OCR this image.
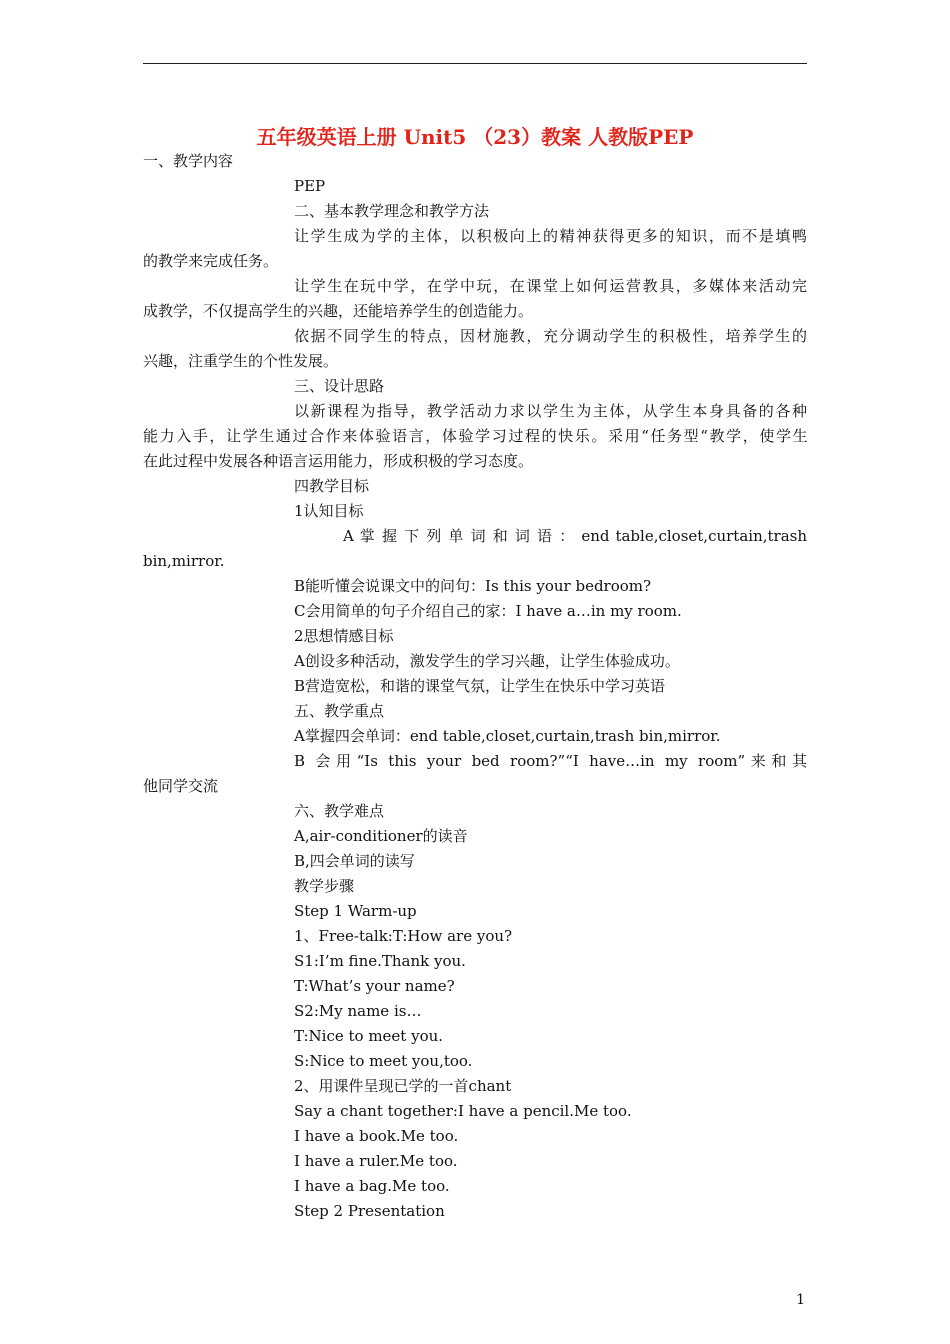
五年级英语上册 Unit5 （23）教案 人教版PEP

一、教学内容

PEP

二、基本教学理念和教学方法

让学生成为学的主体，以积极向上的精神获得更多的知识，而不是填鸭

的教学来完成任务。

让学生在玩中学，在学中玩，在课堂上如何运营教具，多媒体来活动完

成教学，不仅提高学生的兴趣，还能培养学生的创造能力。

依据不同学生的特点，因材施教，充分调动学生的积极性，培养学生的

兴趣，注重学生的个性发展。

三、设计思路

以新课程为指导，教学活动力求以学生为主体，从学生本身具备的各种

能力入手，让学生通过合作来体验语言，体验学习过程的快乐。采用“任务型“教学，使学生

在此过程中发展各种语言运用能力，形成积极的学习态度。

四教学目标

1认知目标

A 掌 握 下 列 单 词 和 词 语 ： end table,closet,curtain,trash

bin,mirror.

B能听懂会说课文中的问句：Is this your bedroom?

C会用简单的句子介绍自己的家：I have a…in my room.

2思想情感目标

A创设多种活动，激发学生的学习兴趣，让学生体验成功。

B营造宽松，和谐的课堂气氛，让学生在快乐中学习英语

五、教学重点

A掌握四会单词：end table,closet,curtain,trash bin,mirror.

B 会用“Is this your bed room?”“I have…in my room”来和其

他同学交流

六、教学难点

A,air-conditioner的读音

B,四会单词的读写

教学步骤

Step 1 Warm-up

1、Free-talk:T:How are you?

S1:I’m fine.Thank you.

T:What’s your name?

S2:My name is…

T:Nice to meet you.

S:Nice to meet you,too.

2、用课件呈现已学的一首chant

Say a chant together:I have a pencil.Me too.

I have a book.Me too.

I have a ruler.Me too.

I have a bag.Me too.

Step 2 Presentation

1
